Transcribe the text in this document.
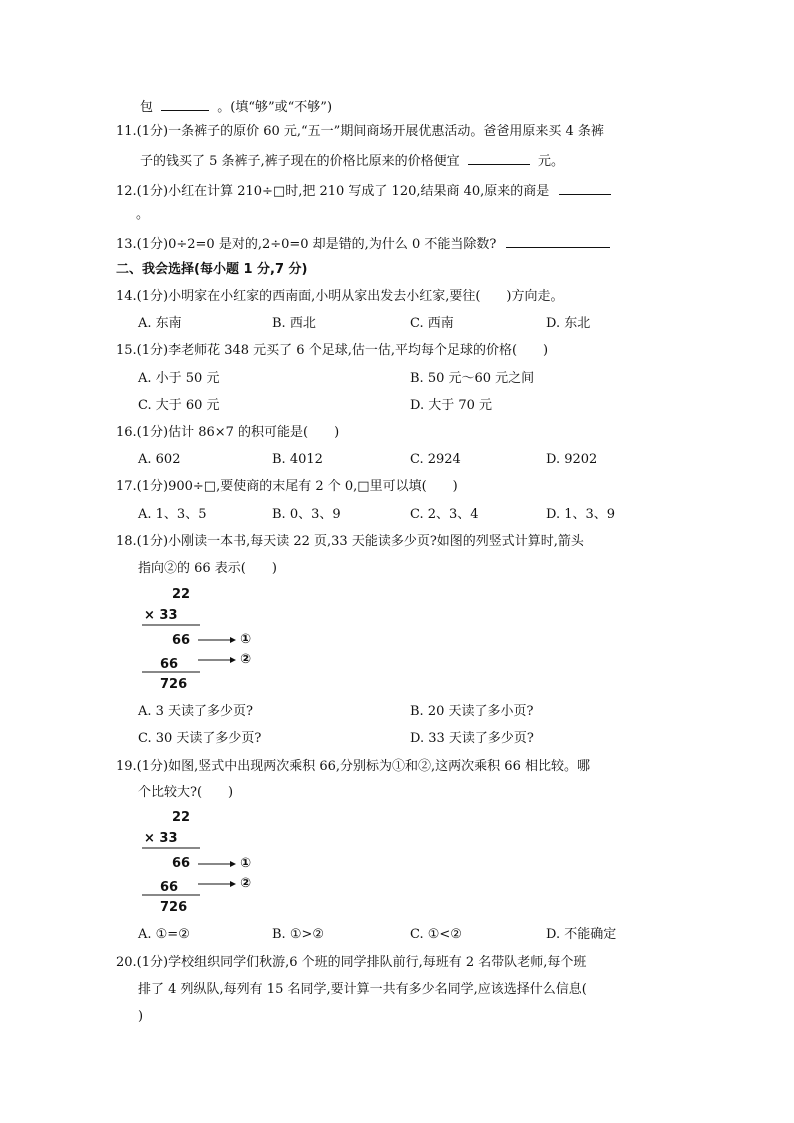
包	。(填“够”或“不够”)
11.(1分)一条裤子的原价 60 元,“五一”期间商场开展优惠活动。爸爸用原来买 4 条裤
子的钱买了 5 条裤子,裤子现在的价格比原来的价格便宜	元。
12.(1分)小红在计算 210÷□时,把 210 写成了 120,结果商 40,原来的商是
。
13.(1分)0÷2=0 是对的,2÷0=0 却是错的,为什么 0 不能当除数?
二、我会选择(每小题 1 分,7 分)
14.(1分)小明家在小红家的西南面,小明从家出发去小红家,要往(　　)方向走。
A. 东南	B. 西北	C. 西南	D. 东北
15.(1分)李老师花 348 元买了 6 个足球,估一估,平均每个足球的价格(　　)
A. 小于 50 元	B. 50 元～60 元之间
C. 大于 60 元	D. 大于 70 元
16.(1分)估计 86×7 的积可能是(　　)
A. 602	B. 4012	C. 2924	D. 9202
17.(1分)900÷□,要使商的末尾有 2 个 0,□里可以填(　　)
A. 1、3、5	B. 0、3、9	C. 2、3、4	D. 1、3、9
18.(1分)小刚读一本书,每天读 22 页,33 天能读多少页?如图的列竖式计算时,箭头
指向②的 66 表示(　　)
22
× 33
66
66
726
①
②
A. 3 天读了多少页?	B. 20 天读了多小页?
C. 30 天读了多少页?	D. 33 天读了多少页?
19.(1分)如图,竖式中出现两次乘积 66,分别标为①和②,这两次乘积 66 相比较。哪
个比较大?(　　)
22
× 33
66
66
726
①
②
A. ①=②	B. ①>②	C. ①<②	D. 不能确定
20.(1分)学校组织同学们秋游,6 个班的同学排队前行,每班有 2 名带队老师,每个班
排了 4 列纵队,每列有 15 名同学,要计算一共有多少名同学,应该选择什么信息(
)
